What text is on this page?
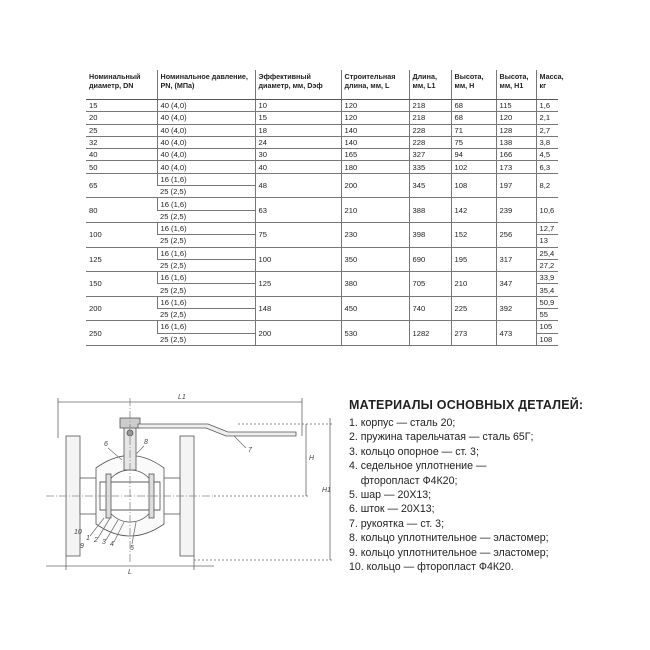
Номинальный диаметр, DN	Номинальное давление, PN, (МПа)	Эффективный диаметр, мм, Dэф	Строительная длина, мм, L	Длина, мм, L1	Высота, мм, H	Высота, мм, H1	Масса, кг
15	40 (4,0)	10	120	218	68	115	1,6
20	40 (4,0)	15	120	218	68	120	2,1
25	40 (4,0)	18	140	228	71	128	2,7
32	40 (4,0)	24	140	228	75	138	3,8
40	40 (4,0)	30	165	327	94	166	4,5
50	40 (4,0)	40	180	335	102	173	6,3
65	16 (1,6)	48	200	345	108	197	8,2
	25 (2,5)						
80	16 (1,6)	63	210	388	142	239	10,6
	25 (2,5)						
100	16 (1,6)	75	230	398	152	256	12,7
	25 (2,5)						13
125	16 (1,6)	100	350	690	195	317	25,4
	25 (2,5)						27,2
150	16 (1,6)	125	380	705	210	347	33,9
	25 (2,5)						35,4
200	16 (1,6)	148	450	740	225	392	50,9
	25 (2,5)						55
250	16 (1,6)	200	530	1282	273	473	105
	25 (2,5)						108
L1
L
H
H1
1 2 3 4
5
6
7
8
9
10
МАТЕРИАЛЫ ОСНОВНЫХ ДЕТАЛЕЙ:
1. корпус — сталь 20;
2. пружина тарельчатая — сталь 65Г;
3. кольцо опорное — ст. 3;
4. седельное уплотнение —
фторопласт Ф4К20;
5. шар — 20Х13;
6. шток — 20Х13;
7. рукоятка — ст. 3;
8. кольцо уплотнительное — эластомер;
9. кольцо уплотнительное — эластомер;
10. кольцо — фторопласт Ф4К20.
